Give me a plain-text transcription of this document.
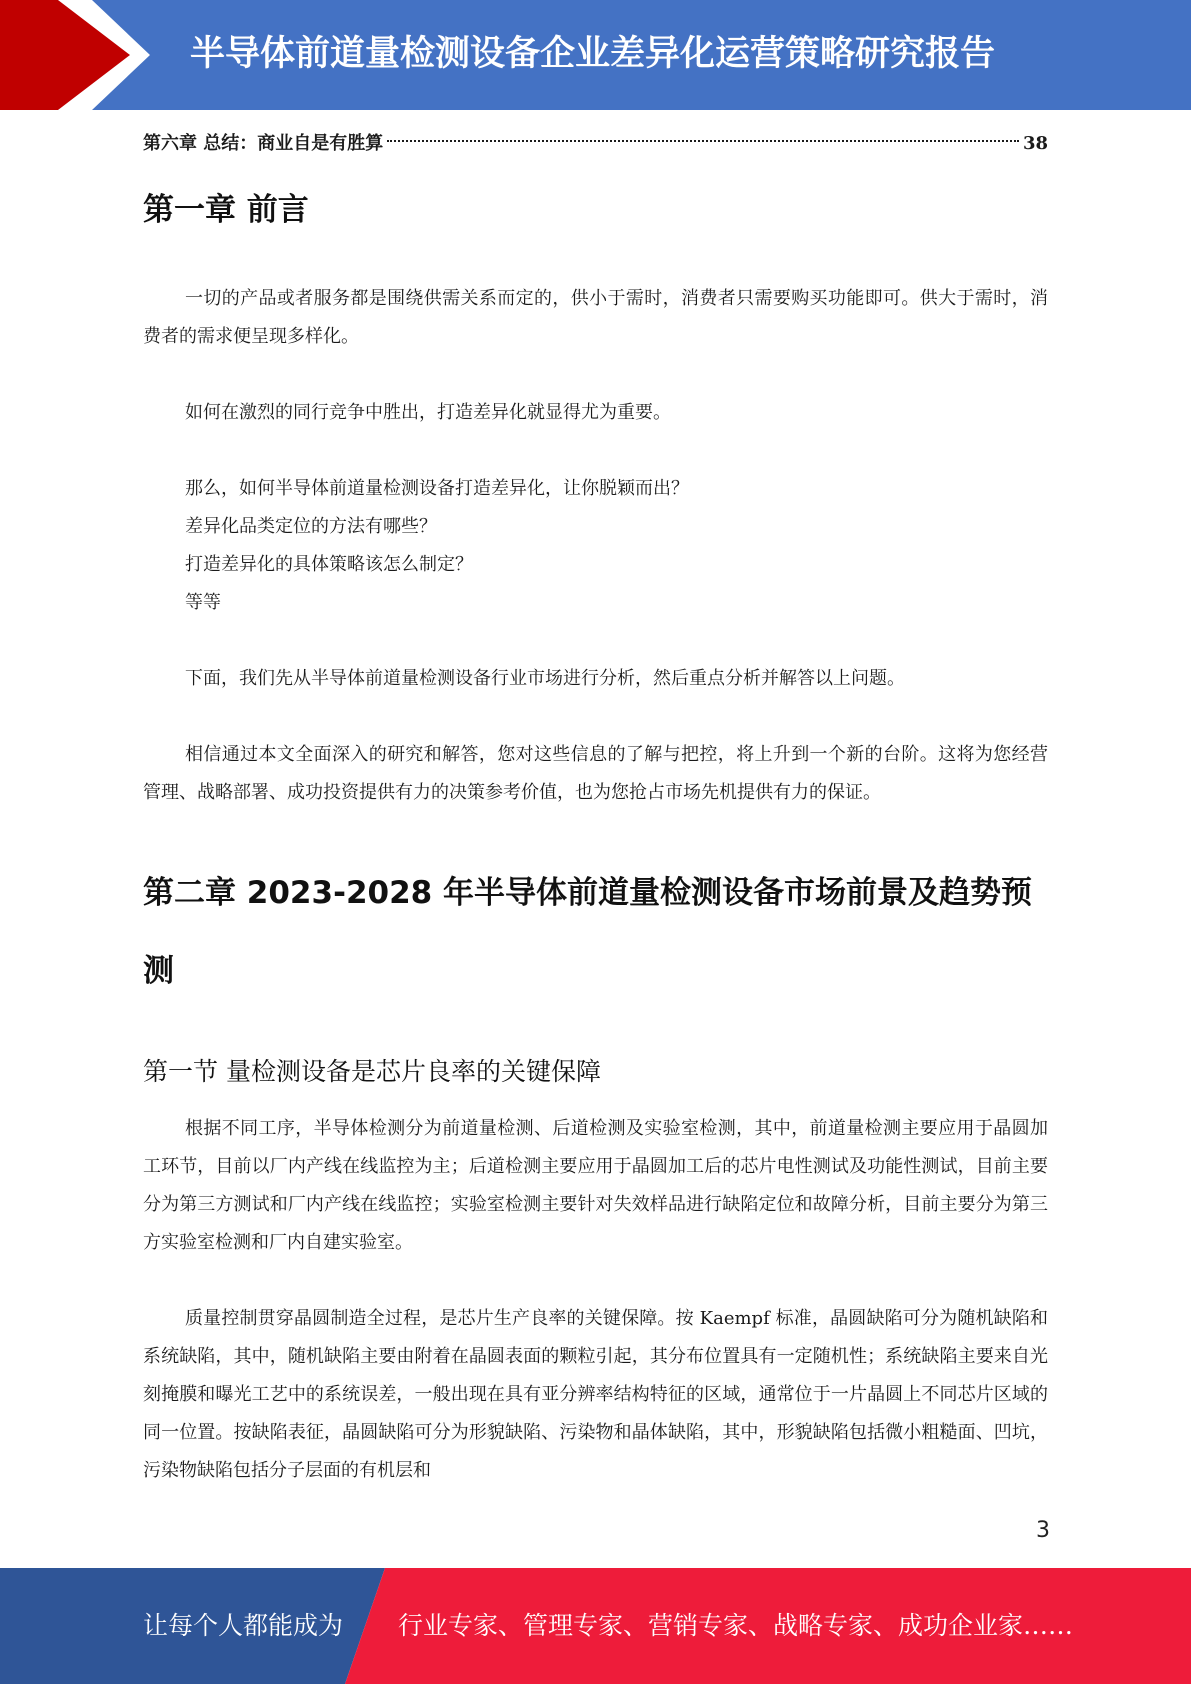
半导体前道量检测设备企业差异化运营策略研究报告
第六章 总结：商业自是有胜算	38
第一章 前言

一切的产品或者服务都是围绕供需关系而定的，供小于需时，消费者只需要购买功能即可。供大于需时，消费者的需求便呈现多样化。

如何在激烈的同行竞争中胜出，打造差异化就显得尤为重要。

那么，如何半导体前道量检测设备打造差异化，让你脱颖而出？

差异化品类定位的方法有哪些？

打造差异化的具体策略该怎么制定？

等等

下面，我们先从半导体前道量检测设备行业市场进行分析，然后重点分析并解答以上问题。

相信通过本文全面深入的研究和解答，您对这些信息的了解与把控，将上升到一个新的台阶。这将为您经营管理、战略部署、成功投资提供有力的决策参考价值，也为您抢占市场先机提供有力的保证。

第二章 2023-2028 年半导体前道量检测设备市场前景及趋势预测
第一节 量检测设备是芯片良率的关键保障

根据不同工序，半导体检测分为前道量检测、后道检测及实验室检测，其中，前道量检测主要应用于晶圆加工环节，目前以厂内产线在线监控为主；后道检测主要应用于晶圆加工后的芯片电性测试及功能性测试，目前主要分为第三方测试和厂内产线在线监控；实验室检测主要针对失效样品进行缺陷定位和故障分析，目前主要分为第三方实验室检测和厂内自建实验室。

质量控制贯穿晶圆制造全过程，是芯片生产良率的关键保障。按 Kaempf 标准，晶圆缺陷可分为随机缺陷和系统缺陷，其中，随机缺陷主要由附着在晶圆表面的颗粒引起，其分布位置具有一定随机性；系统缺陷主要来自光刻掩膜和曝光工艺中的系统误差，一般出现在具有亚分辨率结构特征的区域，通常位于一片晶圆上不同芯片区域的同一位置。按缺陷表征，晶圆缺陷可分为形貌缺陷、污染物和晶体缺陷，其中，形貌缺陷包括微小粗糙面、凹坑，污染物缺陷包括分子层面的有机层和

3
让每个人都能成为 行业专家、管理专家、营销专家、战略专家、成功企业家……
